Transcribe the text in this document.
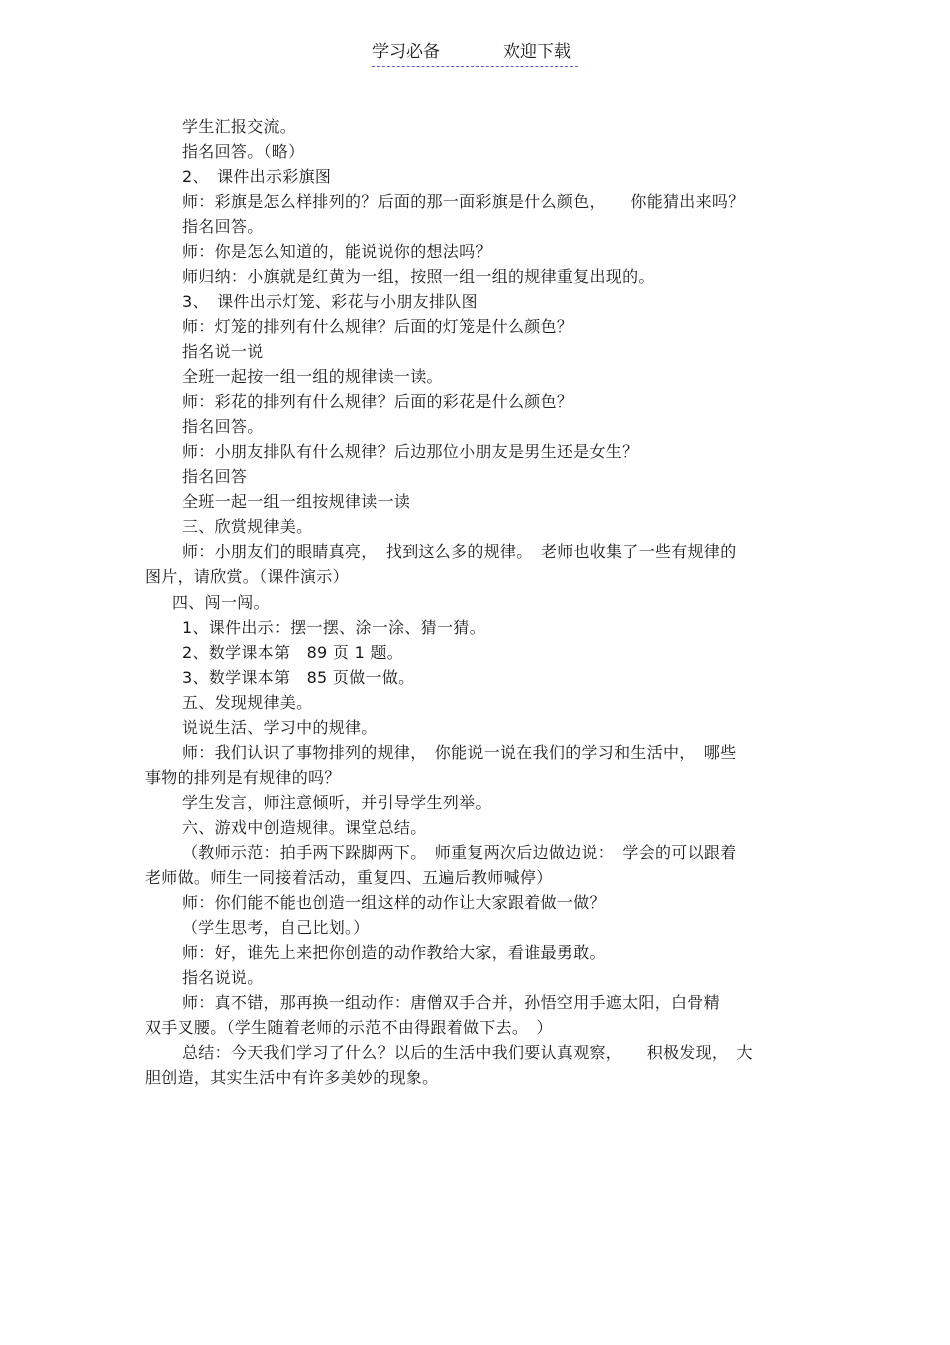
学习必备	欢迎下载
学生汇报交流。
指名回答。（略）
2、　课件出示彩旗图
师：彩旗是怎么样排列的？后面的那一面彩旗是什么颜色，　　你能猜出来吗？
指名回答。
师：你是怎么知道的，能说说你的想法吗？
师归纳：小旗就是红黄为一组，按照一组一组的规律重复出现的。
3、　课件出示灯笼、彩花与小朋友排队图
师：灯笼的排列有什么规律？后面的灯笼是什么颜色？
指名说一说
全班一起按一组一组的规律读一读。
师：彩花的排列有什么规律？后面的彩花是什么颜色？
指名回答。
师：小朋友排队有什么规律？后边那位小朋友是男生还是女生？
指名回答
全班一起一组一组按规律读一读
三、欣赏规律美。
师：小朋友们的眼睛真亮，　找到这么多的规律。　老师也收集了一些有规律的
图片，请欣赏。（课件演示）
四、闯一闯。
1、课件出示：摆一摆、涂一涂、猜一猜。
2、数学课本第　89 页 1 题。
3、数学课本第　85 页做一做。
五、发现规律美。
说说生活、学习中的规律。
师：我们认识了事物排列的规律，　你能说一说在我们的学习和生活中，　哪些
事物的排列是有规律的吗？
学生发言，师注意倾听，并引导学生列举。
六、游戏中创造规律。课堂总结。
（教师示范：拍手两下跺脚两下。　师重复两次后边做边说：　学会的可以跟着
老师做。师生一同接着活动，重复四、五遍后教师喊停）
师：你们能不能也创造一组这样的动作让大家跟着做一做？
（学生思考，自己比划。）
师：好，谁先上来把你创造的动作教给大家，看谁最勇敢。
指名说说。
师：真不错，那再换一组动作：唐僧双手合并，孙悟空用手遮太阳，白骨精
双手叉腰。（学生随着老师的示范不由得跟着做下去。　）
总结：今天我们学习了什么？以后的生活中我们要认真观察，　　积极发现，　大
胆创造，其实生活中有许多美妙的现象。
